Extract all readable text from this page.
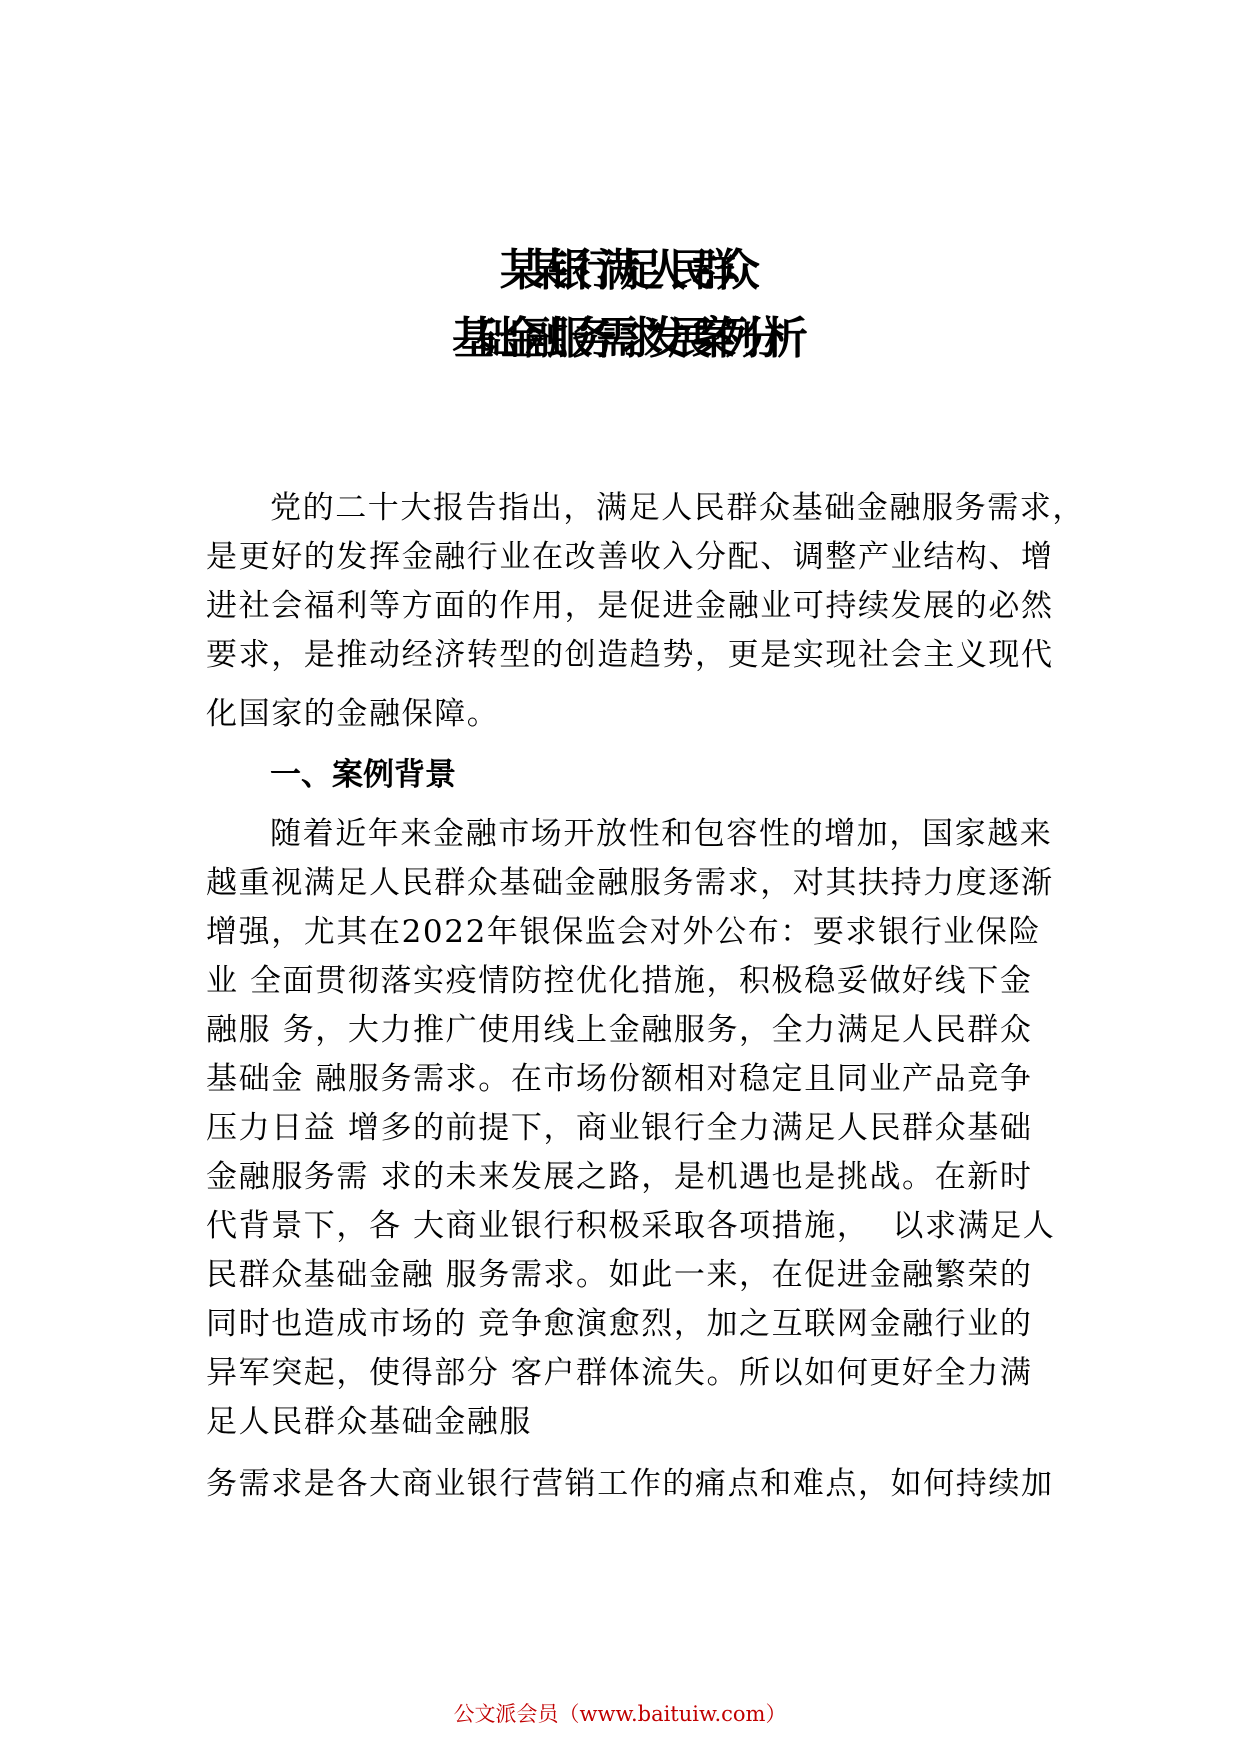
某某银行满足人民群众
基础金融服务需求发展案例分析
党的二十大报告指出，满足人民群众基础金融服务需求，
是更好的发挥金融行业在改善收入分配、调整产业结构、增
进社会福利等方面的作用，是促进金融业可持续发展的必然
要求，是推动经济转型的创造趋势，更是实现社会主义现代
化国家的金融保障。
一、案例背景
随着近年来金融市场开放性和包容性的增加，国家越来
越重视满足人民群众基础金融服务需求，对其扶持力度逐渐
增强，尤其在2022年银保监会对外公布：要求银行业保险
业 全面贯彻落实疫情防控优化措施，积极稳妥做好线下金
融服 务，大力推广使用线上金融服务，全力满足人民群众
基础金 融服务需求。在市场份额相对稳定且同业产品竞争
压力日益 增多的前提下，商业银行全力满足人民群众基础
金融服务需 求的未来发展之路，是机遇也是挑战。在新时
代背景下，各 大商业银行积极采取各项措施，  以求满足人
民群众基础金融 服务需求。如此一来，在促进金融繁荣的
同时也造成市场的 竞争愈演愈烈，加之互联网金融行业的
异军突起，使得部分 客户群体流失。所以如何更好全力满
足人民群众基础金融服
务需求是各大商业银行营销工作的痛点和难点，如何持续加
公文派会员（www.baituiw.com）
